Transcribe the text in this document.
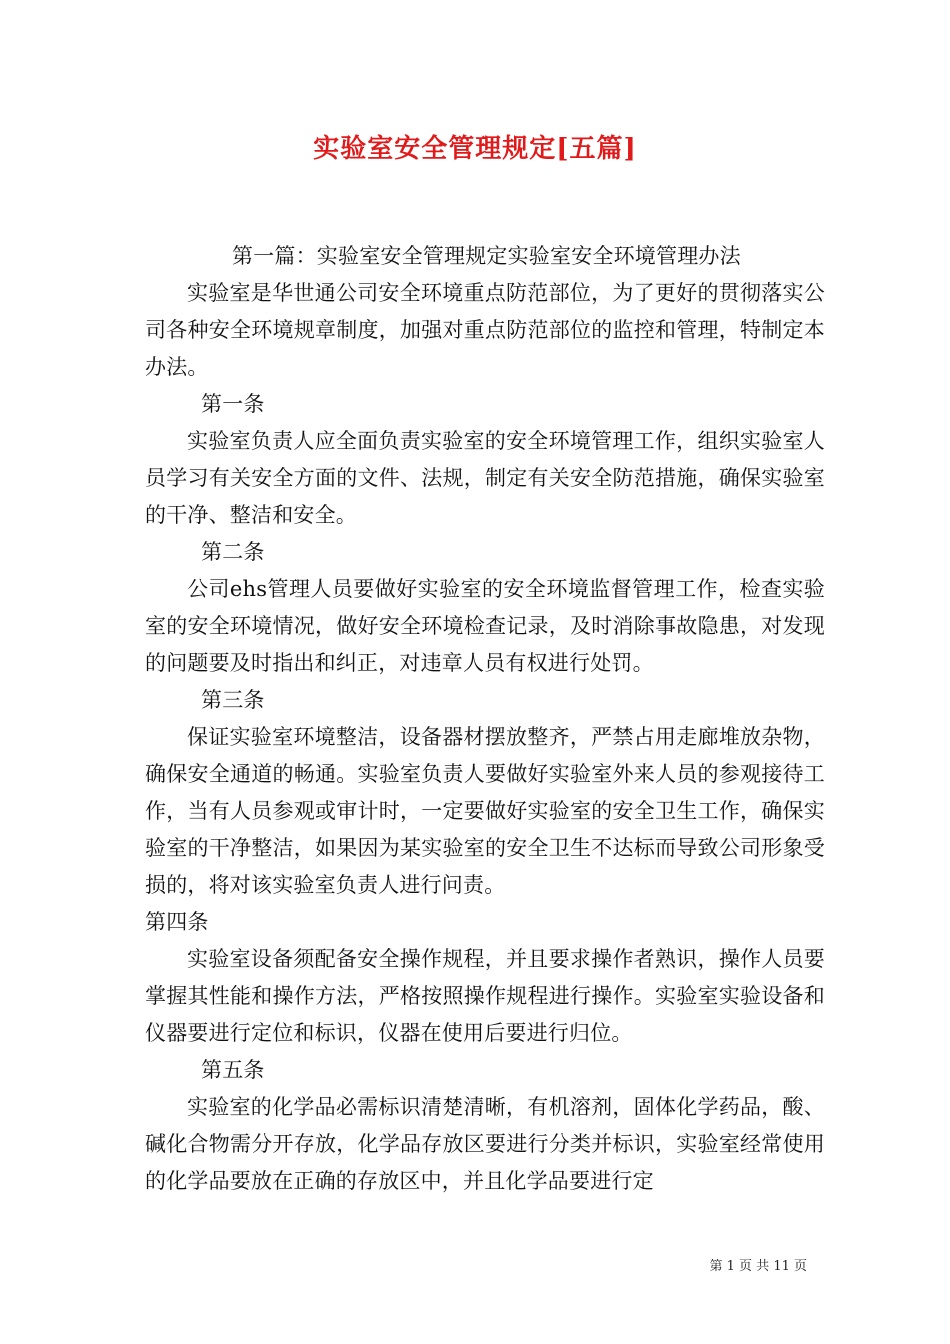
实验室安全管理规定[五篇]

第一篇：实验室安全管理规定实验室安全环境管理办法

实验室是华世通公司安全环境重点防范部位，为了更好的贯彻落实公司各种安全环境规章制度，加强对重点防范部位的监控和管理，特制定本办法。

第一条

实验室负责人应全面负责实验室的安全环境管理工作，组织实验室人员学习有关安全方面的文件、法规，制定有关安全防范措施，确保实验室的干净、整洁和安全。

第二条

公司ehs管理人员要做好实验室的安全环境监督管理工作，检查实验室的安全环境情况，做好安全环境检查记录，及时消除事故隐患，对发现的问题要及时指出和纠正，对违章人员有权进行处罚。

第三条

保证实验室环境整洁，设备器材摆放整齐，严禁占用走廊堆放杂物，确保安全通道的畅通。实验室负责人要做好实验室外来人员的参观接待工作，当有人员参观或审计时，一定要做好实验室的安全卫生工作，确保实验室的干净整洁，如果因为某实验室的安全卫生不达标而导致公司形象受损的，将对该实验室负责人进行问责。

第四条

实验室设备须配备安全操作规程，并且要求操作者熟识，操作人员要掌握其性能和操作方法，严格按照操作规程进行操作。实验室实验设备和仪器要进行定位和标识，仪器在使用后要进行归位。

第五条

实验室的化学品必需标识清楚清晰，有机溶剂，固体化学药品，酸、碱化合物需分开存放，化学品存放区要进行分类并标识，实验室经常使用的化学品要放在正确的存放区中，并且化学品要进行定

第 1 页 共 11 页
